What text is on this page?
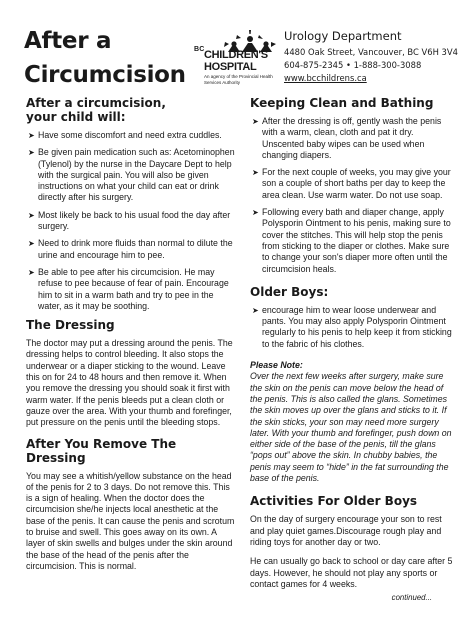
After a
Circumcision
BC CHILDREN'S
HOSPITAL
An agency of the Provincial Health Services Authority
Urology Department
4480 Oak Street, Vancouver, BC V6H 3V4
604-875-2345 • 1-888-300-3088
www.bcchildrens.ca
After a circumcision,
your child will:
➤ Have some discomfort and need extra cuddles.
➤ Be given pain medication such as: Acetominophen (Tylenol) by the nurse in the Daycare Dept to help with the surgical pain. You will also be given instructions on what your child can eat or drink directly after his surgery.
➤ Most likely be back to his usual food the day after surgery.
➤ Need to drink more fluids than normal to dilute the urine and encourage him to pee.
➤ Be able to pee after his circumcision. He may refuse to pee because of fear of pain. Encourage him to sit in a warm bath and try to pee in the water, as it may be soothing.
The Dressing

The doctor may put a dressing around the penis. The dressing helps to control bleeding. It also stops the underwear or a diaper sticking to the wound. Leave this on for 24 to 48 hours and then remove it. When you remove the dressing you should soak it first with warm water. If the penis bleeds put a clean cloth or gauze over the area. With your thumb and forefinger, put pressure on the penis until the bleeding stops.

After You Remove The Dressing

You may see a whitish/yellow substance on the head of the penis for 2 to 3 days. Do not remove this. This is a sign of healing. When the doctor does the circumcision she/he injects local anesthetic at the base of the penis. It can cause the penis and scrotum to bruise and swell. This goes away on its own. A layer of skin swells and bulges under the skin around the base of the head of the penis after the circumcision. This is normal.

Keeping Clean and Bathing
➤ After the dressing is off, gently wash the penis with a warm, clean, cloth and pat it dry. Unscented baby wipes can be used when changing diapers.
➤ For the next couple of weeks, you may give your son a couple of short baths per day to keep the area clean. Use warm water. Do not use soap.
➤ Following every bath and diaper change, apply Polysporin Ointment to his penis, making sure to cover the stitches. This will help stop the penis from sticking to the diaper or clothes. Make sure to change your son's diaper more often until the circumcision heals.
Older Boys:
➤ encourage him to wear loose underwear and pants. You may also apply Polysporin Ointment regularly to his penis to help keep it from sticking to the fabric of his clothes.
Please Note:

Over the next few weeks after surgery, make sure the skin on the penis can move below the head of the penis. This is also called the glans. Sometimes the skin moves up over the glans and sticks to it. If the skin sticks, your son may need more surgery later. With your thumb and forefinger, push down on either side of the base of the penis, till the glans “pops out” above the skin. In chubby babies, the penis may seem to “hide” in the fat surrounding the base of the penis.

Activities For Older Boys

On the day of surgery encourage your son to rest and play quiet games.Discourage rough play and riding toys for another day or two.

He can usually go back to school or day care after 5 days. However, he should not play any sports or contact games for 4 weeks.

continued...
